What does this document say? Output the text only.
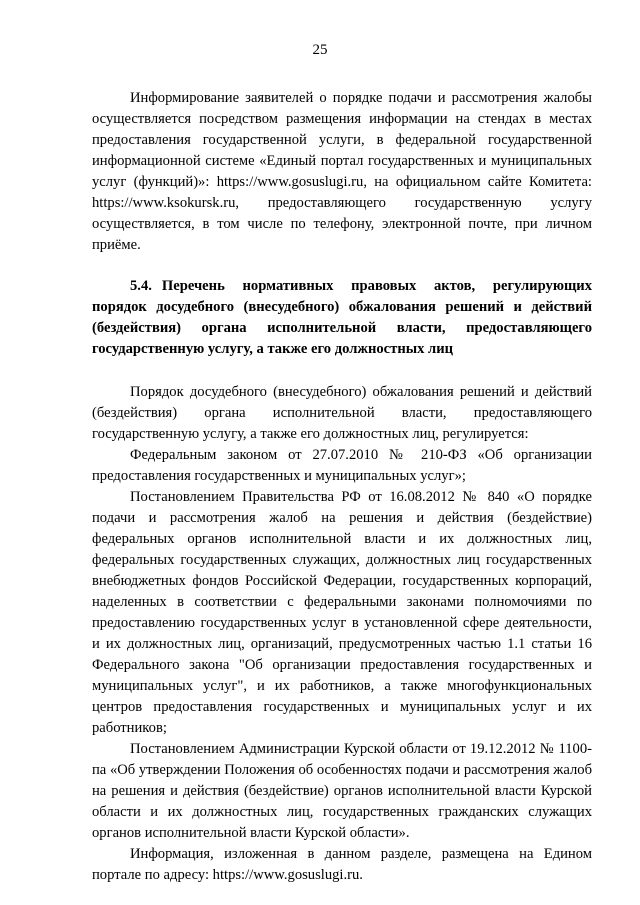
25

Информирование заявителей о порядке подачи и рассмотрения жалобы осуществляется посредством размещения информации на стендах в местах предоставления государственной услуги, в федеральной государственной информационной системе «Единый портал государственных и муниципальных услуг (функций)»: https://www.gosuslugi.ru, на официальном сайте Комитета: https://www.ksokursk.ru, предоставляющего государственную услугу осуществляется, в том числе по телефону, электронной почте, при личном приёме.

5.4. Перечень нормативных правовых актов, регулирующих порядок досудебного (внесудебного) обжалования решений и действий (бездействия) органа исполнительной власти, предоставляющего государственную услугу, а также его должностных лиц

Порядок досудебного (внесудебного) обжалования решений и действий (бездействия) органа исполнительной власти, предоставляющего государственную услугу, а также его должностных лиц, регулируется:

Федеральным законом от 27.07.2010 № 210-ФЗ «Об организации предоставления государственных и муниципальных услуг»;

Постановлением Правительства РФ от 16.08.2012 № 840 «О порядке подачи и рассмотрения жалоб на решения и действия (бездействие) федеральных органов исполнительной власти и их должностных лиц, федеральных государственных служащих, должностных лиц государственных внебюджетных фондов Российской Федерации, государственных корпораций, наделенных в соответствии с федеральными законами полномочиями по предоставлению государственных услуг в установленной сфере деятельности, и их должностных лиц, организаций, предусмотренных частью 1.1 статьи 16 Федерального закона "Об организации предоставления государственных и муниципальных услуг", и их работников, а также многофункциональных центров предоставления государственных и муниципальных услуг и их работников;

Постановлением Администрации Курской области от 19.12.2012 № 1100-па «Об утверждении Положения об особенностях подачи и рассмотрения жалоб на решения и действия (бездействие) органов исполнительной власти Курской области и их должностных лиц, государственных гражданских служащих органов исполнительной власти Курской области».

Информация, изложенная в данном разделе, размещена на Едином портале по адресу: https://www.gosuslugi.ru.
